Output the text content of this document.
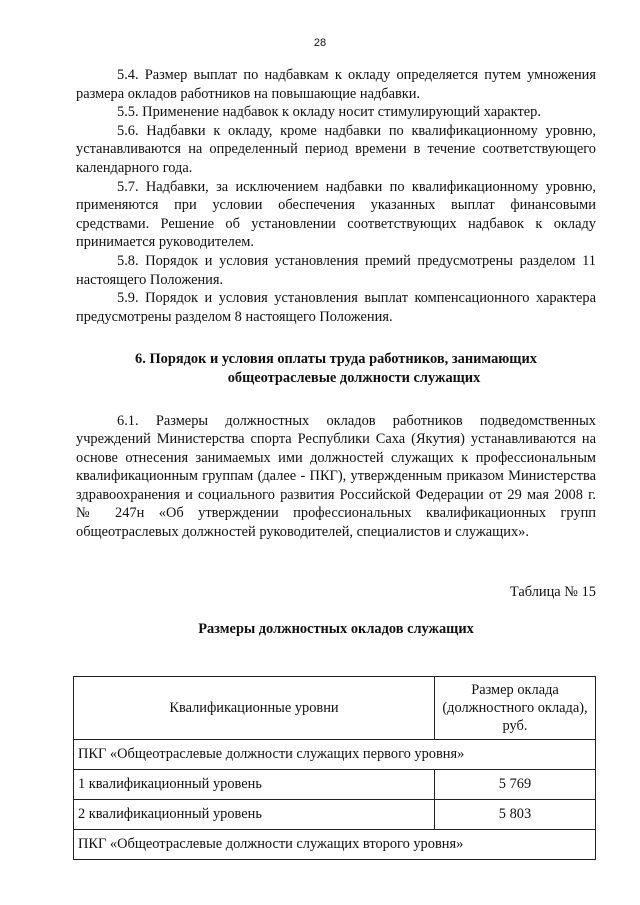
28

5.4. Размер выплат по надбавкам к окладу определяется путем умножения размера окладов работников на повышающие надбавки.

5.5. Применение надбавок к окладу носит стимулирующий характер.

5.6. Надбавки к окладу, кроме надбавки по квалификационному уровню, устанавливаются на определенный период времени в течение соответствующего календарного года.

5.7. Надбавки, за исключением надбавки по квалификационному уровню, применяются при условии обеспечения указанных выплат финансовыми средствами. Решение об установлении соответствующих надбавок к окладу принимается руководителем.

5.8. Порядок и условия установления премий предусмотрены разделом 11 настоящего Положения.

5.9. Порядок и условия установления выплат компенсационного характера предусмотрены разделом 8 настоящего Положения.

6. Порядок и условия оплаты труда работников, занимающих
общеотраслевые должности служащих

6.1. Размеры должностных окладов работников подведомственных учреждений Министерства спорта Республики Саха (Якутия) устанавливаются на основе отнесения занимаемых ими должностей служащих к профессиональным квалификационным группам (далее - ПКГ), утвержденным приказом Министерства здравоохранения и социального развития Российской Федерации от 29 мая 2008 г. № 247н «Об утверждении профессиональных квалификационных групп общеотраслевых должностей руководителей, специалистов и служащих».

Таблица № 15

Размеры должностных окладов служащих

Квалификационные уровни	Размер оклада
(должностного оклада),
руб.

ПКГ «Общеотраслевые должности служащих первого уровня»	
1 квалификационный уровень	5 769
2 квалификационный уровень	5 803
ПКГ «Общеотраслевые должности служащих второго уровня»	
